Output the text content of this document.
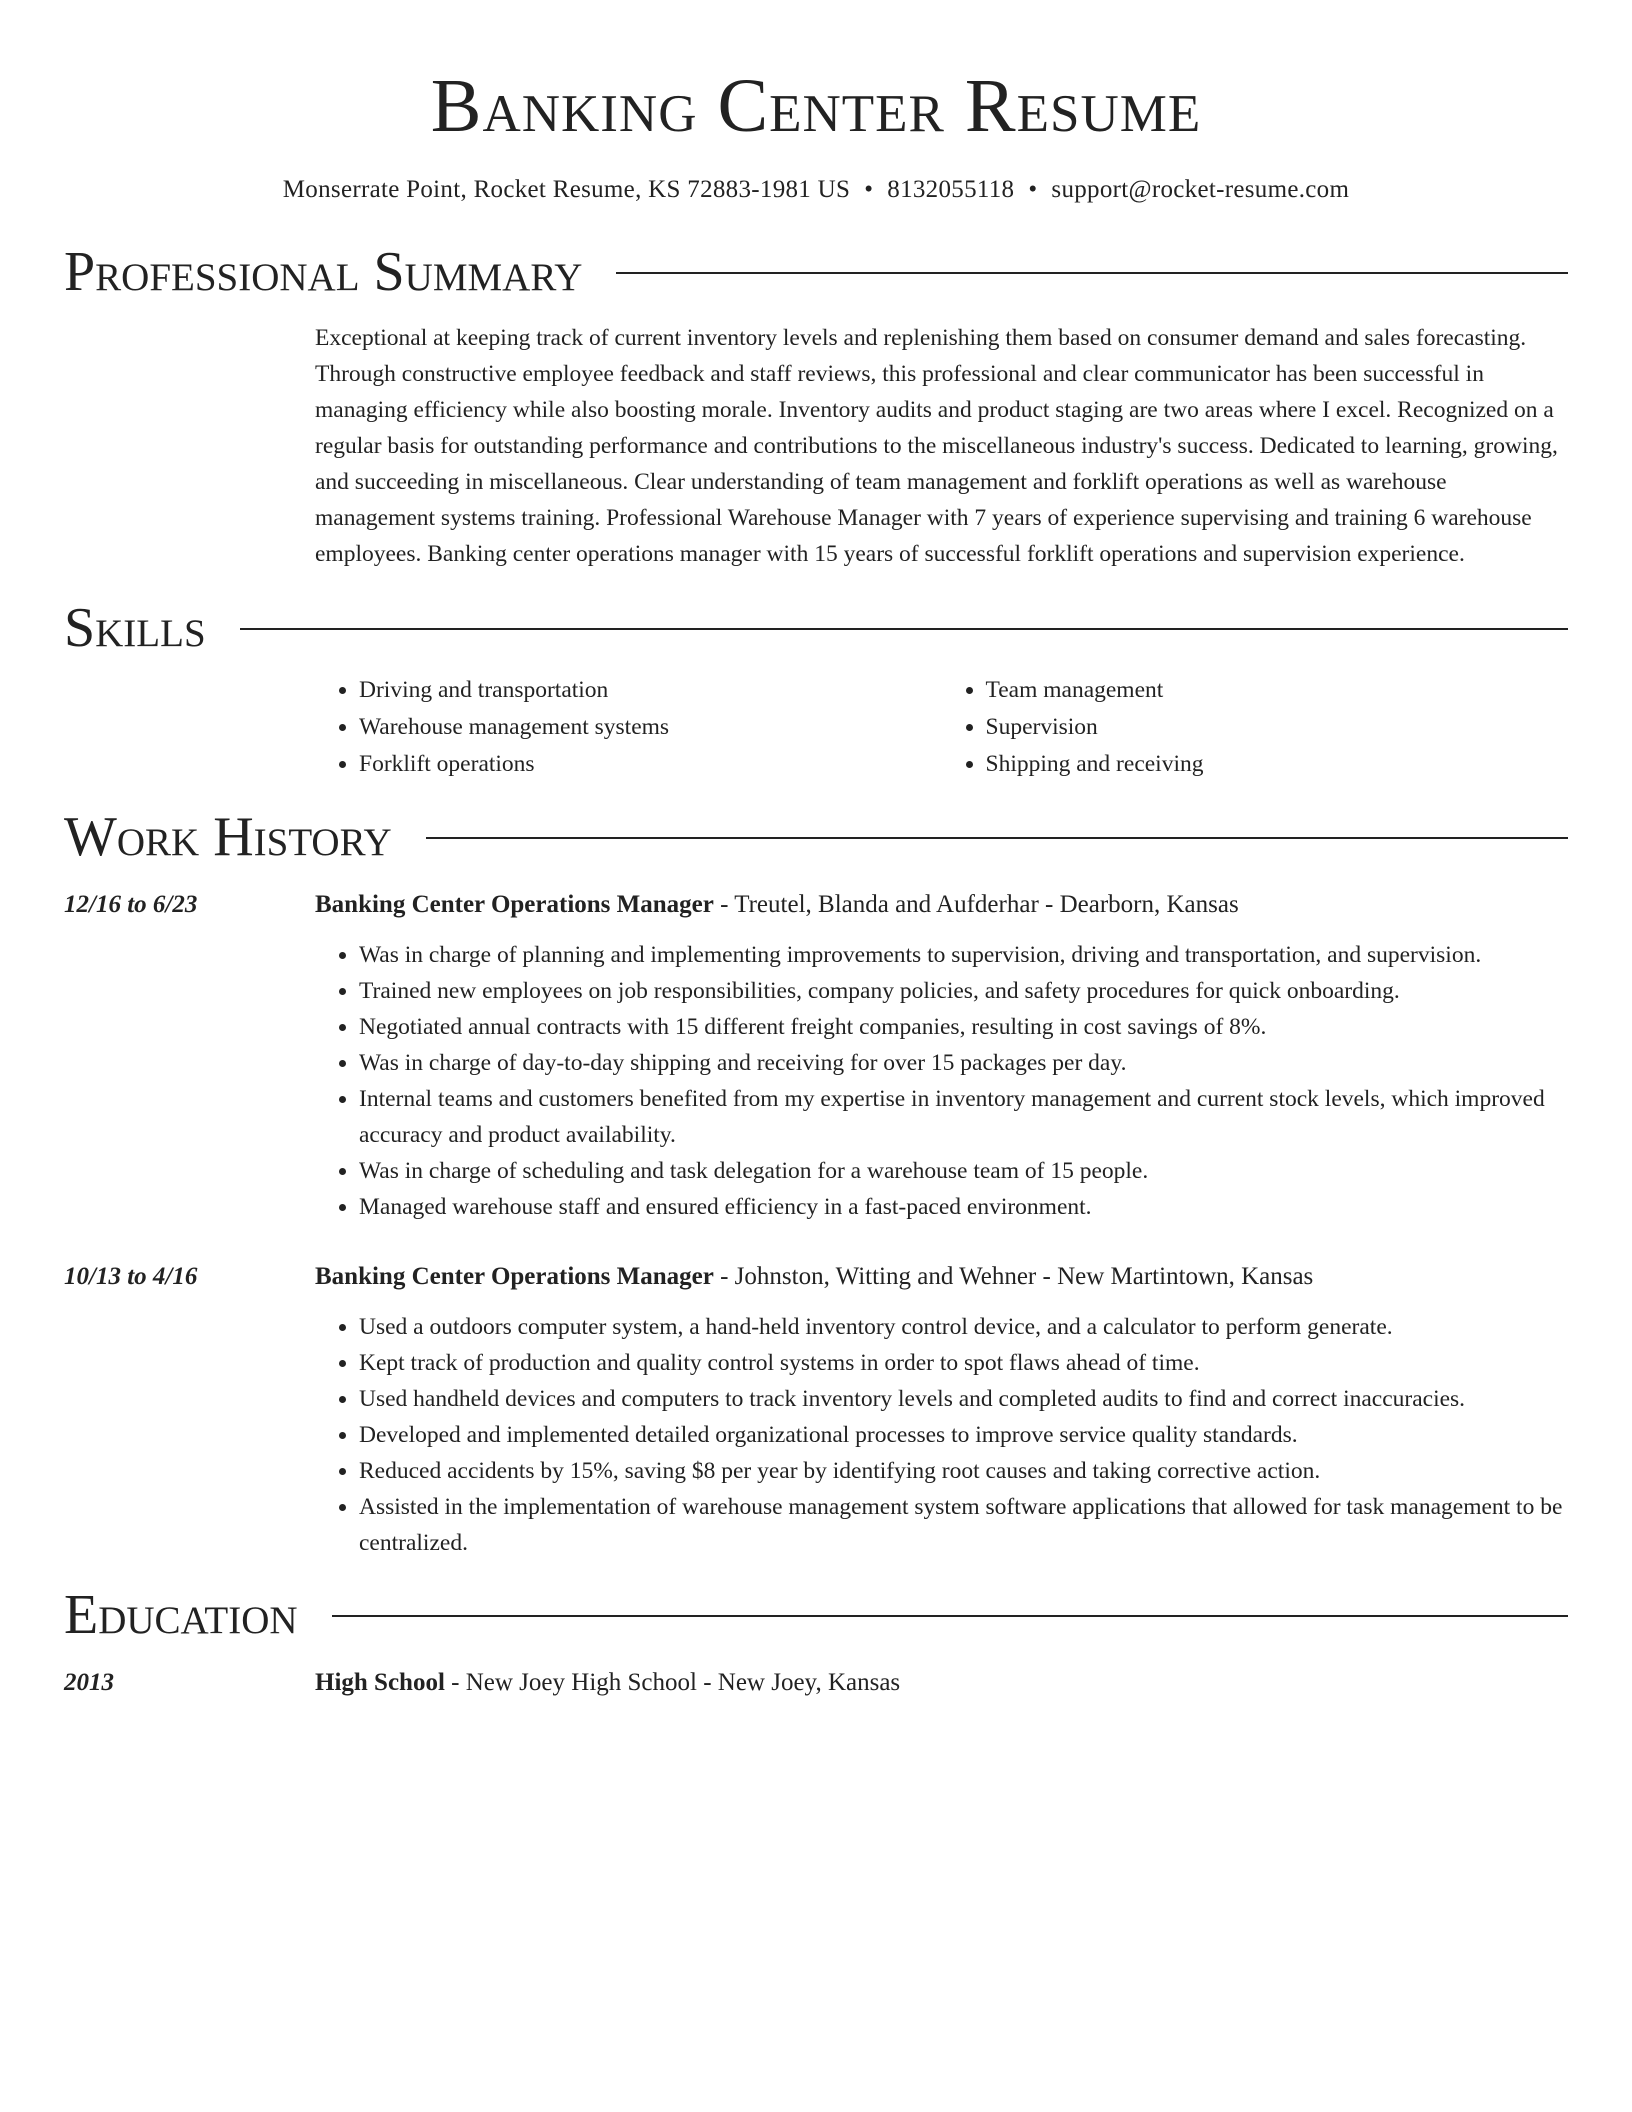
Banking Center Resume
Monserrate Point, Rocket Resume, KS 72883-1981 US • 8132055118 • support@rocket-resume.com
Professional Summary
Exceptional at keeping track of current inventory levels and replenishing them based on consumer demand and sales forecasting. Through constructive employee feedback and staff reviews, this professional and clear communicator has been successful in managing efficiency while also boosting morale. Inventory audits and product staging are two areas where I excel. Recognized on a regular basis for outstanding performance and contributions to the miscellaneous industry's success. Dedicated to learning, growing, and succeeding in miscellaneous. Clear understanding of team management and forklift operations as well as warehouse management systems training. Professional Warehouse Manager with 7 years of experience supervising and training 6 warehouse employees. Banking center operations manager with 15 years of successful forklift operations and supervision experience.
Skills
• Driving and transportation
• Warehouse management systems
• Forklift operations
• Team management
• Supervision
• Shipping and receiving
Work History
12/16 to 6/23	Banking Center Operations Manager - Treutel, Blanda and Aufderhar - Dearborn, Kansas
• Was in charge of planning and implementing improvements to supervision, driving and transportation, and supervision.
• Trained new employees on job responsibilities, company policies, and safety procedures for quick onboarding.
• Negotiated annual contracts with 15 different freight companies, resulting in cost savings of 8%.
• Was in charge of day-to-day shipping and receiving for over 15 packages per day.
• Internal teams and customers benefited from my expertise in inventory management and current stock levels, which improved accuracy and product availability.
• Was in charge of scheduling and task delegation for a warehouse team of 15 people.
• Managed warehouse staff and ensured efficiency in a fast-paced environment.
10/13 to 4/16	Banking Center Operations Manager - Johnston, Witting and Wehner - New Martintown, Kansas
• Used a outdoors computer system, a hand-held inventory control device, and a calculator to perform generate.
• Kept track of production and quality control systems in order to spot flaws ahead of time.
• Used handheld devices and computers to track inventory levels and completed audits to find and correct inaccuracies.
• Developed and implemented detailed organizational processes to improve service quality standards.
• Reduced accidents by 15%, saving $8 per year by identifying root causes and taking corrective action.
• Assisted in the implementation of warehouse management system software applications that allowed for task management to be centralized.
Education
2013	High School - New Joey High School - New Joey, Kansas
